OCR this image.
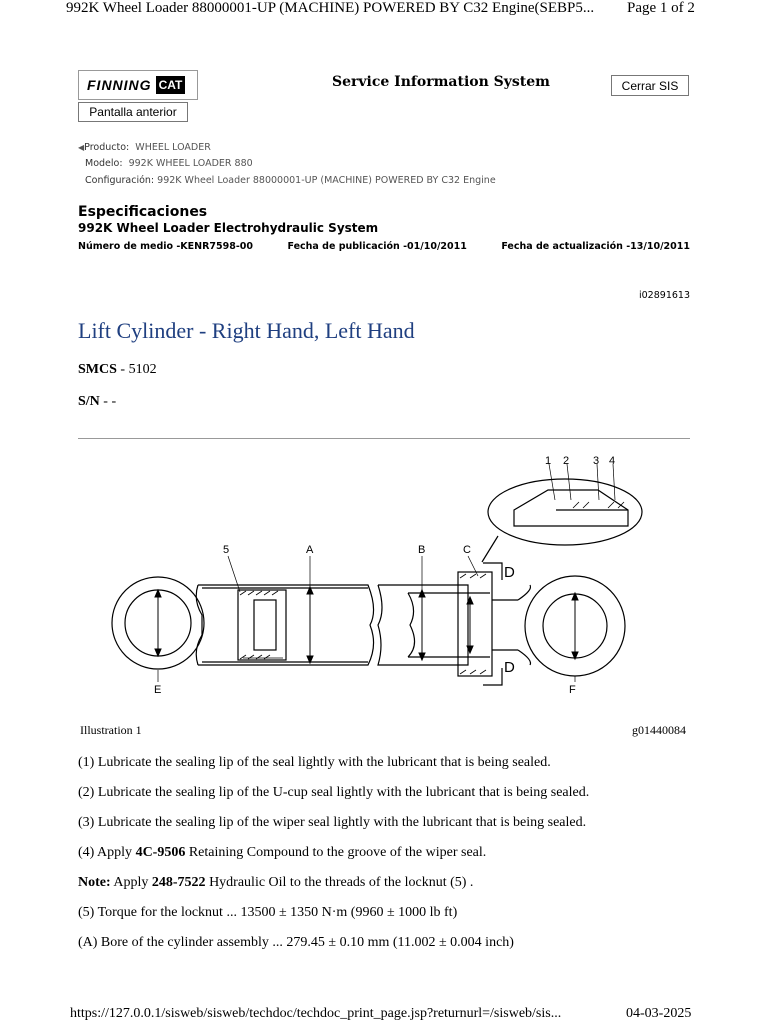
992K Wheel Loader 88000001-UP (MACHINE) POWERED BY C32 Engine(SEBP5... Page 1 of 2
FINNING CAT
Pantalla anterior
Service Information System	Cerrar SIS
◀Producto: WHEEL LOADER
Modelo: 992K WHEEL LOADER 880
Configuración: 992K Wheel Loader 88000001-UP (MACHINE) POWERED BY C32 Engine
Especificaciones
992K Wheel Loader Electrohydraulic System
Número de medio -KENR7598-00	Fecha de publicación -01/10/2011	Fecha de actualización -13/10/2011
i02891613
Lift Cylinder - Right Hand, Left Hand
SMCS - 5102
S/N - -
1 2 3 4
5	A	B	C
D
D
E	F
Illustration 1	g01440084
(1) Lubricate the sealing lip of the seal lightly with the lubricant that is being sealed.
(2) Lubricate the sealing lip of the U-cup seal lightly with the lubricant that is being sealed.
(3) Lubricate the sealing lip of the wiper seal lightly with the lubricant that is being sealed.
(4) Apply 4C-9506 Retaining Compound to the groove of the wiper seal.
Note: Apply 248-7522 Hydraulic Oil to the threads of the locknut (5) .
(5) Torque for the locknut ... 13500 ± 1350 N·m (9960 ± 1000 lb ft)
(A) Bore of the cylinder assembly ... 279.45 ± 0.10 mm (11.002 ± 0.004 inch)
https://127.0.0.1/sisweb/sisweb/techdoc/techdoc_print_page.jsp?returnurl=/sisweb/sis...	04-03-2025
